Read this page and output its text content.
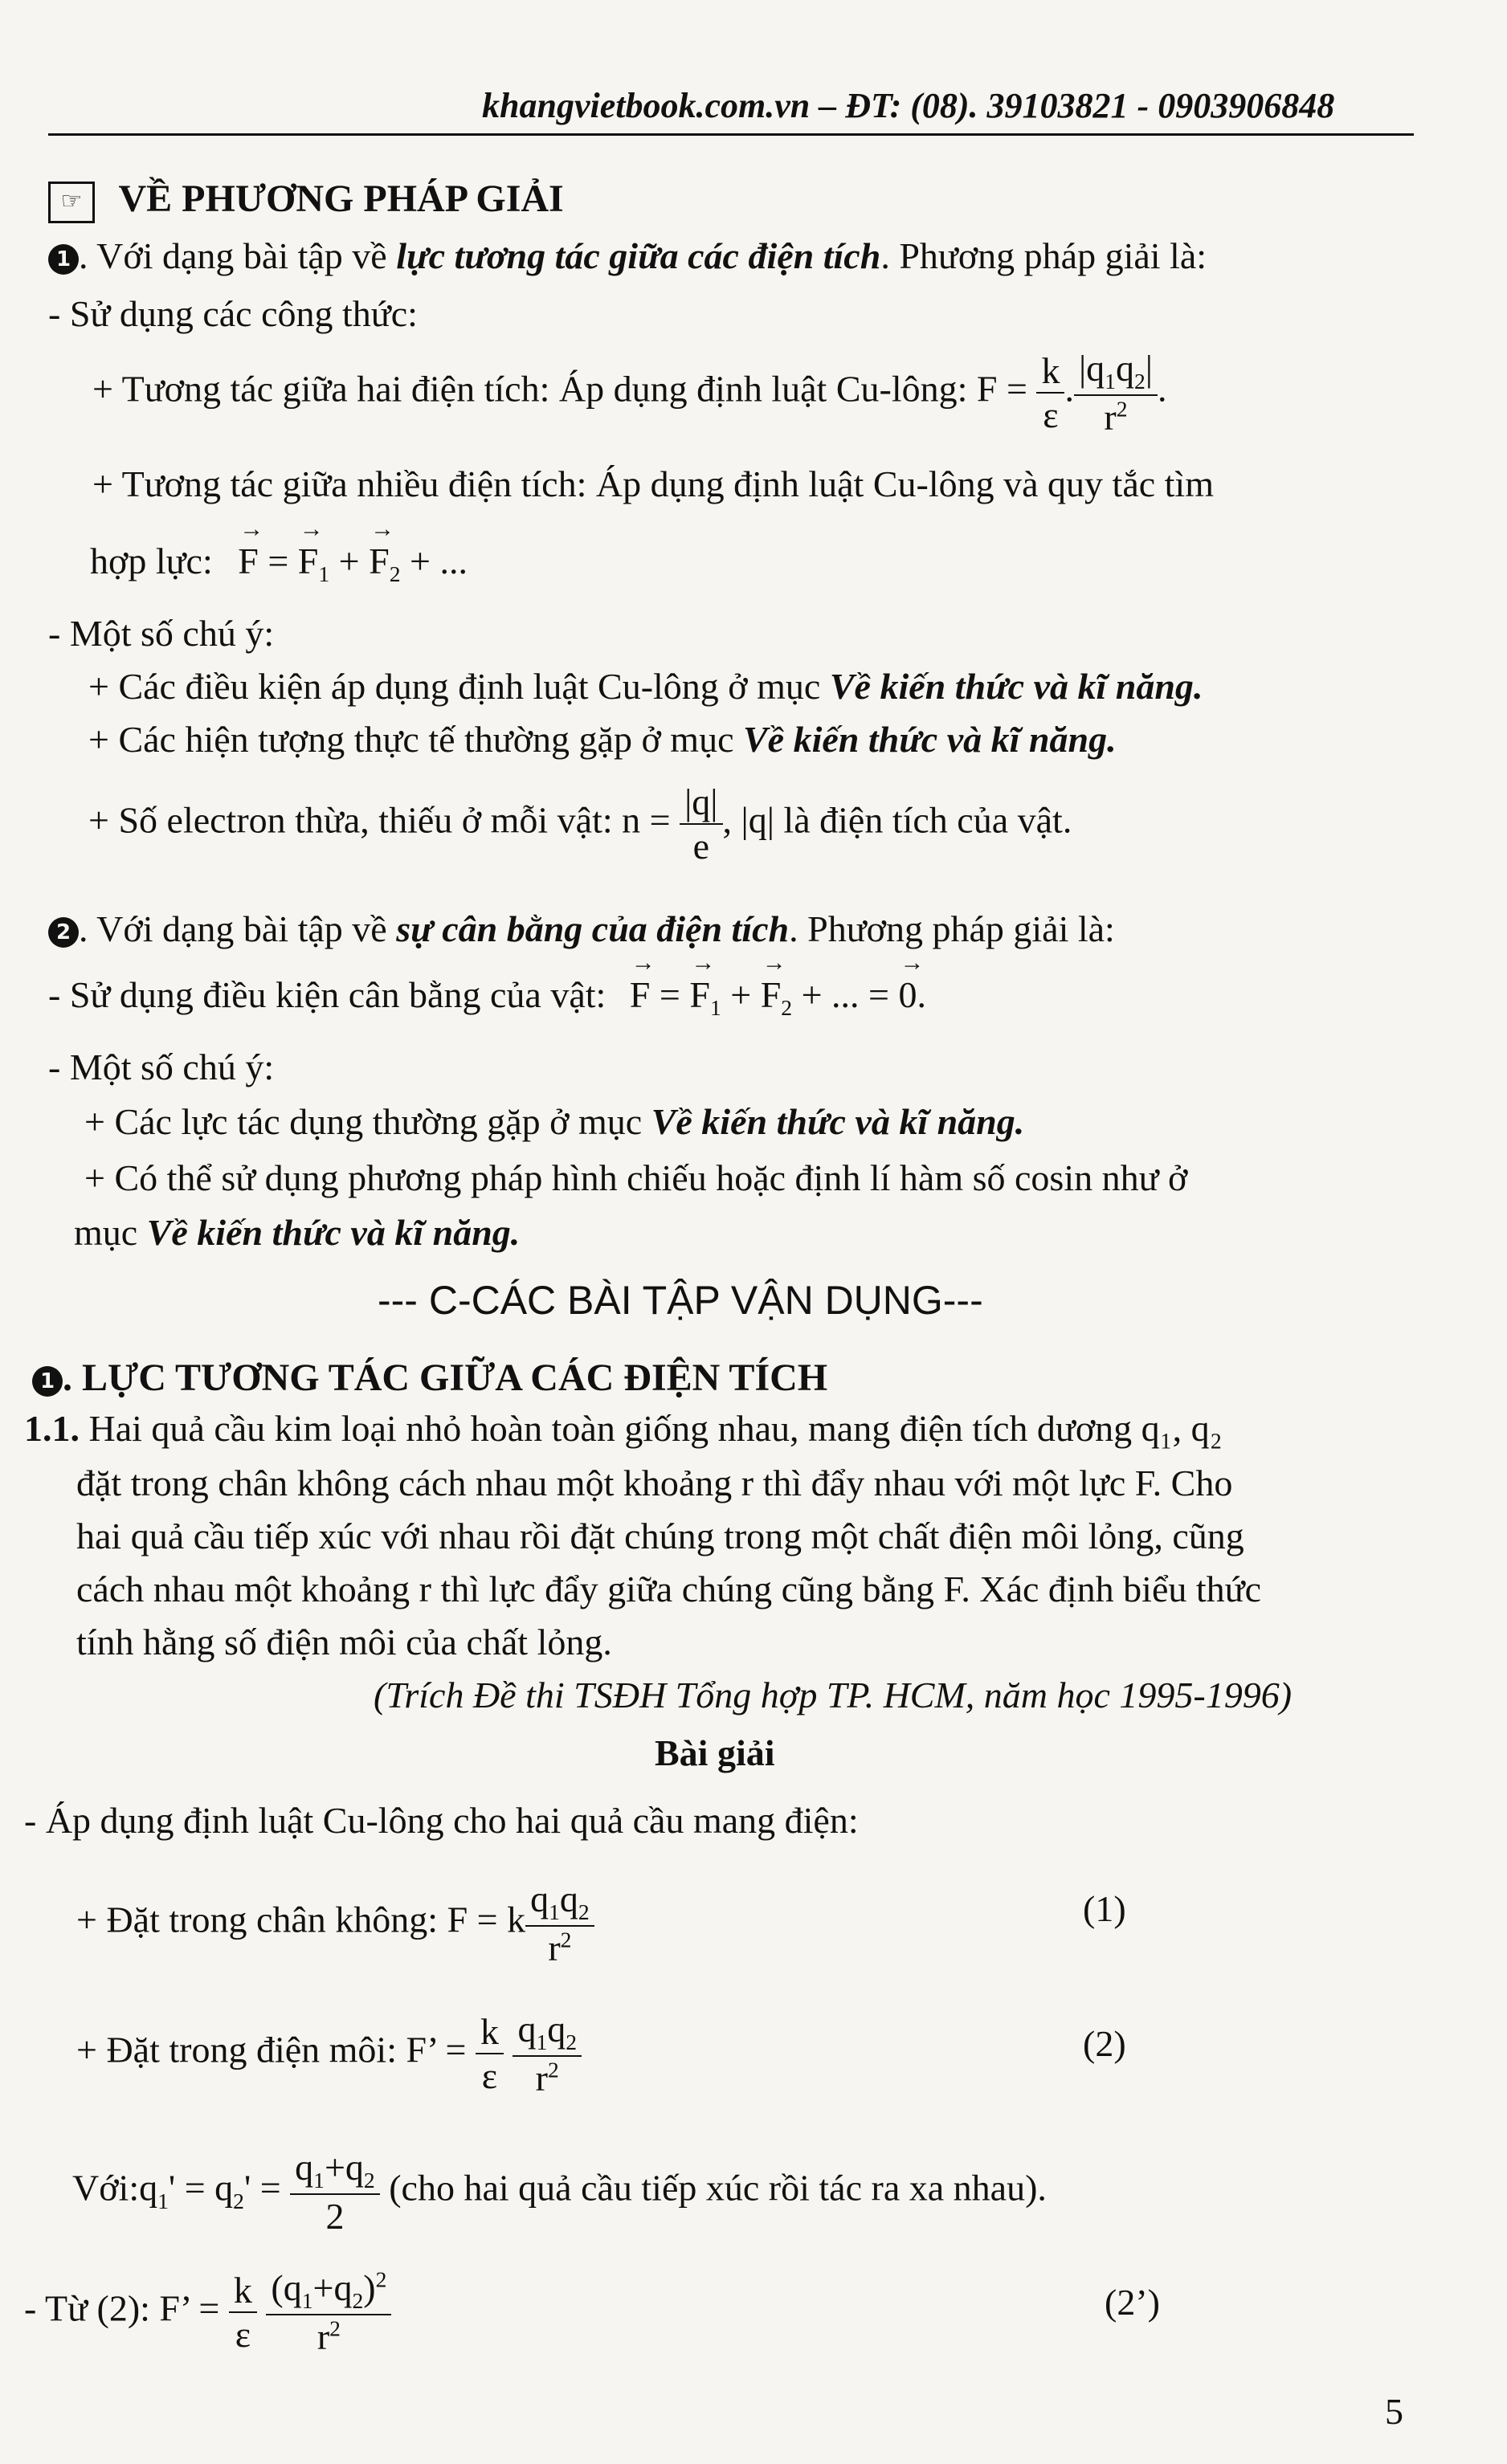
khangvietbook.com.vn – ĐT: (08). 39103821 - 0903906848
☞ VỀ PHƯƠNG PHÁP GIẢI
1 . Với dạng bài tập về lực tương tác giữa các điện tích. Phương pháp giải là:
- Sử dụng các công thức:
+ Tương tác giữa hai điện tích: Áp dụng định luật Cu-lông: $F = \frac{k}{\varepsilon}$ . $\frac{|q_1q_2|}{r^2}$ .
+ Tương tác giữa nhiều điện tích: Áp dụng định luật Cu-lông và quy tắc tìm
hợp lực: → F = → $F_1$ + → $F_2$ + ...
- Một số chú ý:
+ Các điều kiện áp dụng định luật Cu-lông ở mục Về kiến thức và kĩ năng.
+ Các hiện tượng thực tế thường gặp ở mục Về kiến thức và kĩ năng.
+ Số electron thừa, thiếu ở mỗi vật: $n = \frac{|q|}{e}$ , |q| là điện tích của vật.
2 . Với dạng bài tập về sự cân bằng của điện tích. Phương pháp giải là:
- Sử dụng điều kiện cân bằng của vật: → F = → $F_1$ + → $F_2$ + ... = → 0.
- Một số chú ý:
+ Các lực tác dụng thường gặp ở mục Về kiến thức và kĩ năng.
+ Có thể sử dụng phương pháp hình chiếu hoặc định lí hàm số cosin như ở
mục Về kiến thức và kĩ năng.
--- C-CÁC BÀI TẬP VẬN DỤNG---
1 . LỰC TƯƠNG TÁC GIỮA CÁC ĐIỆN TÍCH
1.1. Hai quả cầu kim loại nhỏ hoàn toàn giống nhau, mang điện tích dương q₁, q₂
đặt trong chân không cách nhau một khoảng r thì đẩy nhau với một lực F. Cho
hai quả cầu tiếp xúc với nhau rồi đặt chúng trong một chất điện môi lỏng, cũng
cách nhau một khoảng r thì lực đẩy giữa chúng cũng bằng F. Xác định biểu thức
tính hằng số điện môi của chất lỏng.
(Trích Đề thi TSĐH Tổng hợp TP. HCM, năm học 1995-1996)
Bài giải
- Áp dụng định luật Cu-lông cho hai quả cầu mang điện:
+ Đặt trong chân không: F = k $\frac{q_1q_2}{r^2}$	(1)
+ Đặt trong điện môi: F’ = $\frac{k}{\varepsilon}$
$\frac{q_1q_2}{r^2}$	(2)
$Với:q_1' = q_2' = \frac{q_1+q_2}{2} (cho$ hai quả cầu tiếp xúc rồi tác ra xa nhau).
- Từ (2): F’ = $\frac{k}{\varepsilon}$
$\frac{(q_1+q_2)^2}{r^2}$	(2’)
5
